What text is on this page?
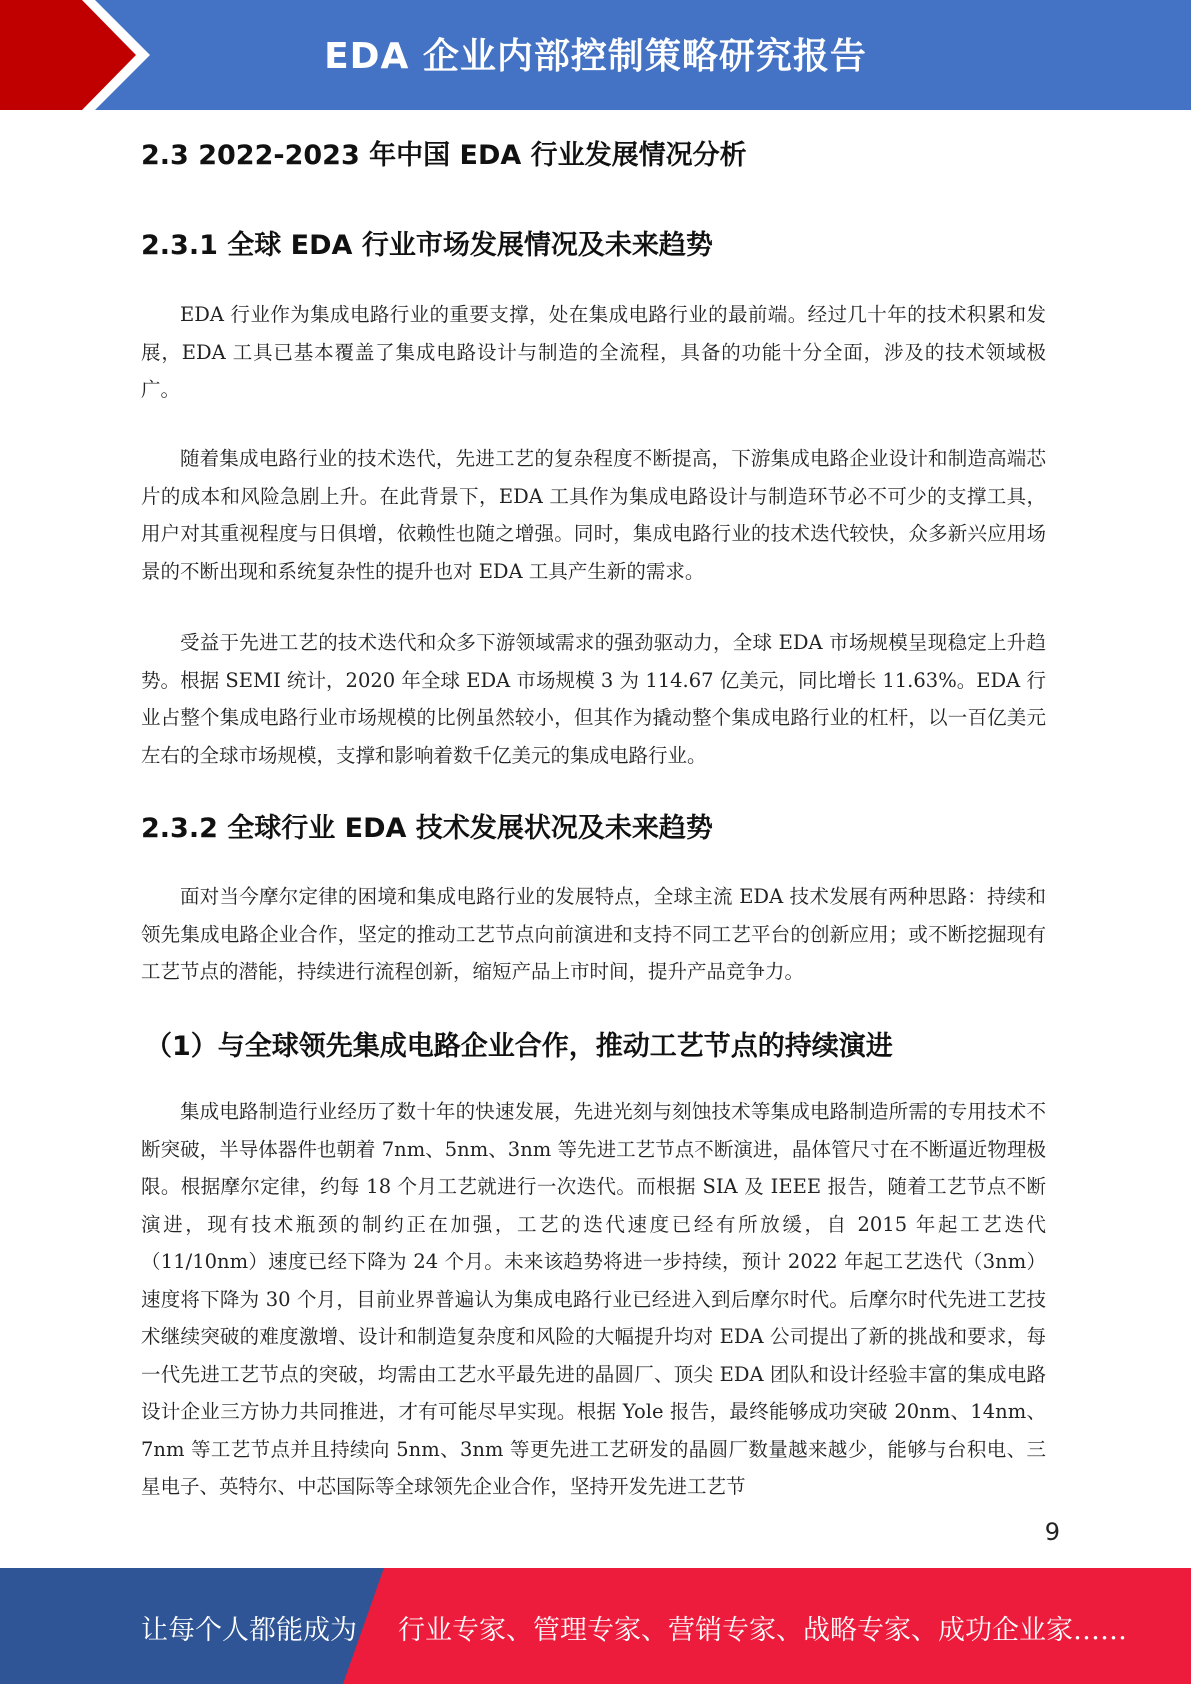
EDA 企业内部控制策略研究报告
2.3 2022-2023 年中国 EDA 行业发展情况分析
2.3.1 全球 EDA 行业市场发展情况及未来趋势

EDA 行业作为集成电路行业的重要支撑，处在集成电路行业的最前端。经过几十年的技术积累和发展，EDA 工具已基本覆盖了集成电路设计与制造的全流程，具备的功能十分全面，涉及的技术领域极广。

随着集成电路行业的技术迭代，先进工艺的复杂程度不断提高，下游集成电路企业设计和制造高端芯片的成本和风险急剧上升。在此背景下，EDA 工具作为集成电路设计与制造环节必不可少的支撑工具，用户对其重视程度与日俱增，依赖性也随之增强。同时，集成电路行业的技术迭代较快，众多新兴应用场景的不断出现和系统复杂性的提升也对 EDA 工具产生新的需求。

受益于先进工艺的技术迭代和众多下游领域需求的强劲驱动力，全球 EDA 市场规模呈现稳定上升趋势。根据 SEMI 统计，2020 年全球 EDA 市场规模 3 为 114.67 亿美元，同比增长 11.63%。EDA 行业占整个集成电路行业市场规模的比例虽然较小，但其作为撬动整个集成电路行业的杠杆，以一百亿美元左右的全球市场规模，支撑和影响着数千亿美元的集成电路行业。

2.3.2 全球行业 EDA 技术发展状况及未来趋势

面对当今摩尔定律的困境和集成电路行业的发展特点，全球主流 EDA 技术发展有两种思路：持续和领先集成电路企业合作，坚定的推动工艺节点向前演进和支持不同工艺平台的创新应用；或不断挖掘现有工艺节点的潜能，持续进行流程创新，缩短产品上市时间，提升产品竞争力。

（1）与全球领先集成电路企业合作，推动工艺节点的持续演进

集成电路制造行业经历了数十年的快速发展，先进光刻与刻蚀技术等集成电路制造所需的专用技术不断突破，半导体器件也朝着 7nm、5nm、3nm 等先进工艺节点不断演进，晶体管尺寸在不断逼近物理极限。根据摩尔定律，约每 18 个月工艺就进行一次迭代。而根据 SIA 及 IEEE 报告，随着工艺节点不断演进，现有技术瓶颈的制约正在加强，工艺的迭代速度已经有所放缓，自 2015 年起工艺迭代（11/10nm）速度已经下降为 24 个月。未来该趋势将进一步持续，预计 2022 年起工艺迭代（3nm）速度将下降为 30 个月，目前业界普遍认为集成电路行业已经进入到后摩尔时代。后摩尔时代先进工艺技术继续突破的难度激增、设计和制造复杂度和风险的大幅提升均对 EDA 公司提出了新的挑战和要求，每一代先进工艺节点的突破，均需由工艺水平最先进的晶圆厂、顶尖 EDA 团队和设计经验丰富的集成电路设计企业三方协力共同推进，才有可能尽早实现。根据 Yole 报告，最终能够成功突破 20nm、14nm、7nm 等工艺节点并且持续向 5nm、3nm 等更先进工艺研发的晶圆厂数量越来越少，能够与台积电、三星电子、英特尔、中芯国际等全球领先企业合作，坚持开发先进工艺节

9
让每个人都能成为 行业专家、管理专家、营销专家、战略专家、成功企业家……
